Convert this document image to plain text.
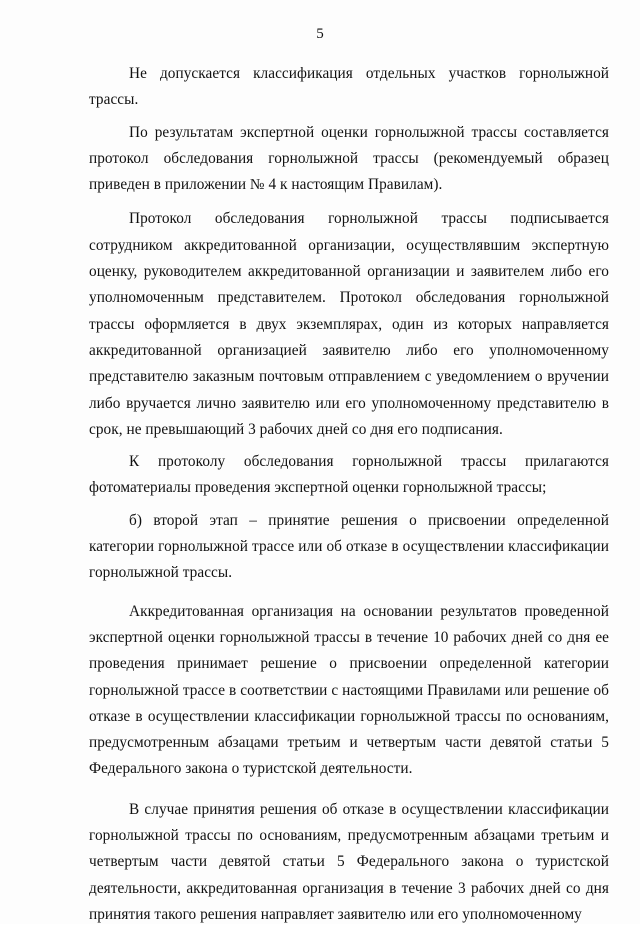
5

Не допускается классификация отдельных участков горнолыжной трассы.

По результатам экспертной оценки горнолыжной трассы составляется протокол обследования горнолыжной трассы (рекомендуемый образец приведен в приложении № 4 к настоящим Правилам).

Протокол обследования горнолыжной трассы подписывается сотрудником аккредитованной организации, осуществлявшим экспертную оценку, руководителем аккредитованной организации и заявителем либо его уполномоченным представителем. Протокол обследования горнолыжной трассы оформляется в двух экземплярах, один из которых направляется аккредитованной организацией заявителю либо его уполномоченному представителю заказным почтовым отправлением с уведомлением о вручении либо вручается лично заявителю или его уполномоченному представителю в срок, не превышающий 3 рабочих дней со дня его подписания.

К протоколу обследования горнолыжной трассы прилагаются фотоматериалы проведения экспертной оценки горнолыжной трассы;

б) второй этап – принятие решения о присвоении определенной категории горнолыжной трассе или об отказе в осуществлении классификации горнолыжной трассы.

Аккредитованная организация на основании результатов проведенной экспертной оценки горнолыжной трассы в течение 10 рабочих дней со дня ее проведения принимает решение о присвоении определенной категории горнолыжной трассе в соответствии с настоящими Правилами или решение об отказе в осуществлении классификации горнолыжной трассы по основаниям, предусмотренным абзацами третьим и четвертым части девятой статьи 5 Федерального закона о туристской деятельности.

В случае принятия решения об отказе в осуществлении классификации горнолыжной трассы по основаниям, предусмотренным абзацами третьим и четвертым части девятой статьи 5 Федерального закона о туристской деятельности, аккредитованная организация в течение 3 рабочих дней со дня принятия такого решения направляет заявителю или его уполномоченному
